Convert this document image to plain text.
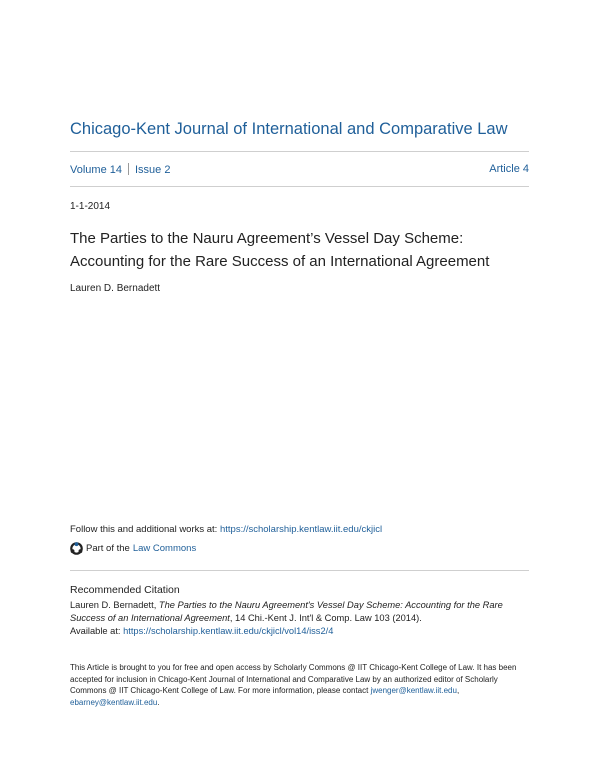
Chicago-Kent Journal of International and Comparative Law
Volume 14 Issue 2	Article 4
1-1-2014
The Parties to the Nauru Agreement’s Vessel Day Scheme:
Accounting for the Rare Success of an International Agreement
Lauren D. Bernadett
Follow this and additional works at: https://scholarship.kentlaw.iit.edu/ckjicl
Part of the Law Commons
Recommended Citation
Lauren D. Bernadett, The Parties to the Nauru Agreement's Vessel Day Scheme: Accounting for the Rare Success of an International Agreement, 14 Chi.-Kent J. Int'l & Comp. Law 103 (2014).
Available at: https://scholarship.kentlaw.iit.edu/ckjicl/vol14/iss2/4
This Article is brought to you for free and open access by Scholarly Commons @ IIT Chicago-Kent College of Law. It has been accepted for inclusion in Chicago-Kent Journal of International and Comparative Law by an authorized editor of Scholarly Commons @ IIT Chicago-Kent College of Law. For more information, please contact jwenger@kentlaw.iit.edu, ebarney@kentlaw.iit.edu.
